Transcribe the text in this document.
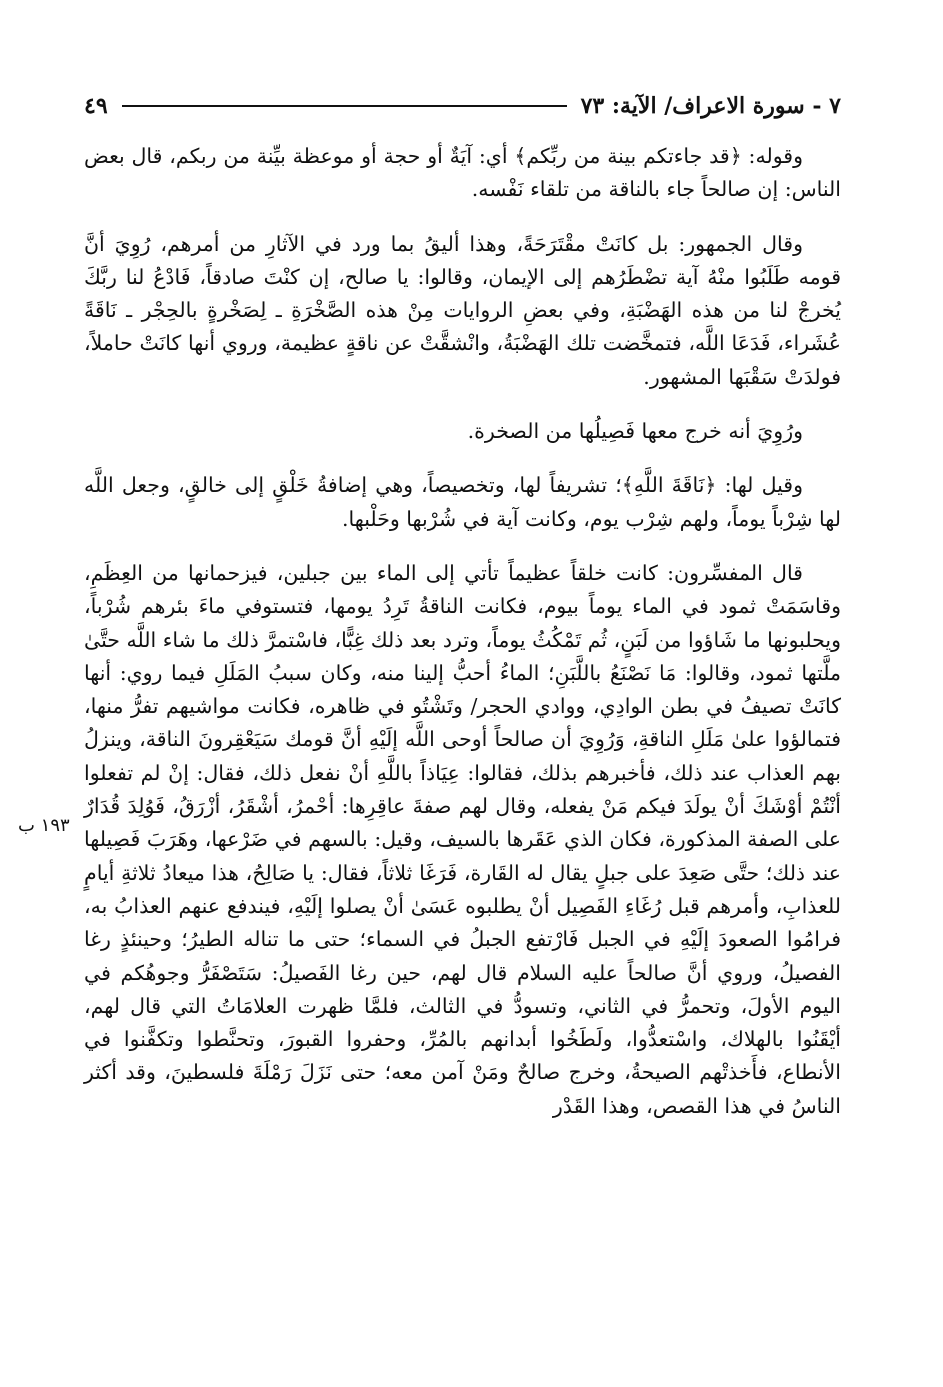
٧ - سورة الاعراف/ الآية: ٧٣
٤٩
١٩٣ ب

وقوله: ﴿قد جاءتكم بينة من ربِّكم﴾ أي: آيَةٌ أو حجة أو موعظة بيِّنة من ربكم، قال بعض الناس: إن صالحاً جاء بالناقة من تلقاء نَفْسه.

وقال الجمهور: بل كانَتْ مقْتَرَحَةً، وهذا أليقُ بما ورد في الآثارِ من أمرهم، رُوِيَ أنَّ قومه طَلَبُوا منْهُ آية تضْطَرُهم إلى الإيمان، وقالوا: يا صالح، إن كنْتَ صادقاً، فَادْعُ لنا ربَّكَ يُخرجْ لنا من هذه الهَضْبَةِ، وفي بعضِ الروايات مِنْ هذه الصَّخْرَةِ ـ لِصَخْرةٍ بالحِجْر ـ نَاقَةً عُشَراء، فَدَعَا اللَّه، فتمخَّضت تلك الهَضْبَةُ، وانْشقَّتْ عن ناقةٍ عظيمة، وروي أنها كانَتْ حاملاً، فولدَتْ سَقْبَها المشهور.

ورُوِيَ أنه خرج معها فَصِيلُها من الصخرة.

وقيل لها: ﴿نَاقَةَ اللَّهِ﴾؛ تشريفاً لها، وتخصيصاً، وهي إضافةُ خَلْقٍ إلى خالقٍ، وجعل اللَّه لها شِرْباً يوماً، ولهم شِرْب يوم، وكانت آية في شُرْبها وحَلْبها.

قال المفسِّرون: كانت خلقاً عظيماً تأتي إلى الماء بين جبلين، فيزحمانها من العِظَمِ، وقاسَمَتْ ثمود في الماء يوماً بيوم، فكانت الناقةُ تَرِدُ يومها، فتستوفي ماءَ بئرهم شُرْباً، ويحلبونها ما شَاؤوا من لَبَنٍ، ثُم تَمْكُثُ يوماً، وترد بعد ذلك غِبًّا، فاسْتمرَّ ذلك ما شاء اللَّه حتَّىٰ ملَّتها ثمود، وقالوا: مَا نَصْنَعُ باللَّبَنِ؛ الماءُ أحبُّ إلينا منه، وكان سببُ المَلَلِ فيما روي: أنها كانَتْ تصيفُ في بطن الوادِي، ووادي الحجر/ وتَشْتُو في ظاهره، فكانت مواشيهم تفرُّ منها، فتمالؤوا علىٰ مَلَلِ الناقةِ، وَرُوِيَ أن صالحاً أوحى اللَّه إلَيْهِ أنَّ قومك سَيَعْقِرونَ الناقة، وينزلُ بهم العذاب عند ذلك، فأخبرهم بذلك، فقالوا: عِيَاذاً باللَّهِ أنْ نفعل ذلك، فقال: إنْ لم تفعلوا أنْتُمْ أوْشَكَ أنْ يولَدَ فيكم مَنْ يفعله، وقال لهم صفةَ عاقِرِها: أحْمرُ، أشْقَرُ، أزْرَقُ، فَوُلِدَ قُدَارٌ على الصفة المذكورة، فكان الذي عَقَرها بالسيف، وقيل: بالسهم في ضَرْعها، وهَرَبَ فَصِيلها عند ذلك؛ حتَّى صَعِدَ على جبلٍ يقال له القَارة، فَرَغَا ثلاثاً، فقال: يا صَالِحُ، هذا ميعادُ ثلاثةِ أيامٍ للعذابِ، وأمرهم قبل رُغَاءِ الفَصِيل أنْ يطلبوه عَسَىٰ أنْ يصلوا إلَيْهِ، فيندفع عنهم العذابُ به، فرامُوا الصعودَ إلَيْهِ في الجبل فَارْتفع الجبلُ في السماء؛ حتى ما تناله الطيرُ؛ وحينئذٍ رغا الفصيلُ، وروي أنَّ صالحاً عليه السلام قال لهم، حين رغا الفَصيلُ: سَتَصْفَرُّ وجوهُكم في اليوم الأولَ، وتحمرُّ في الثاني، وتسودُّ في الثالث، فلمَّا ظهرت العلامَاتُ التي قال لهم، أيْقَنُوا بالهلاك، واسْتعدُّوا، ولَطَخُوا أبدانهم بالمُرِّ، وحفروا القبورَ، وتحنَّطوا وتكفَّنوا في الأنطاع، فأَخذتْهم الصيحةُ، وخرج صالحٌ ومَنْ آمن معه؛ حتى نَزَلَ رَمْلَةَ فلسطينَ، وقد أكثر الناسُ في هذا القصص، وهذا القَدْر
